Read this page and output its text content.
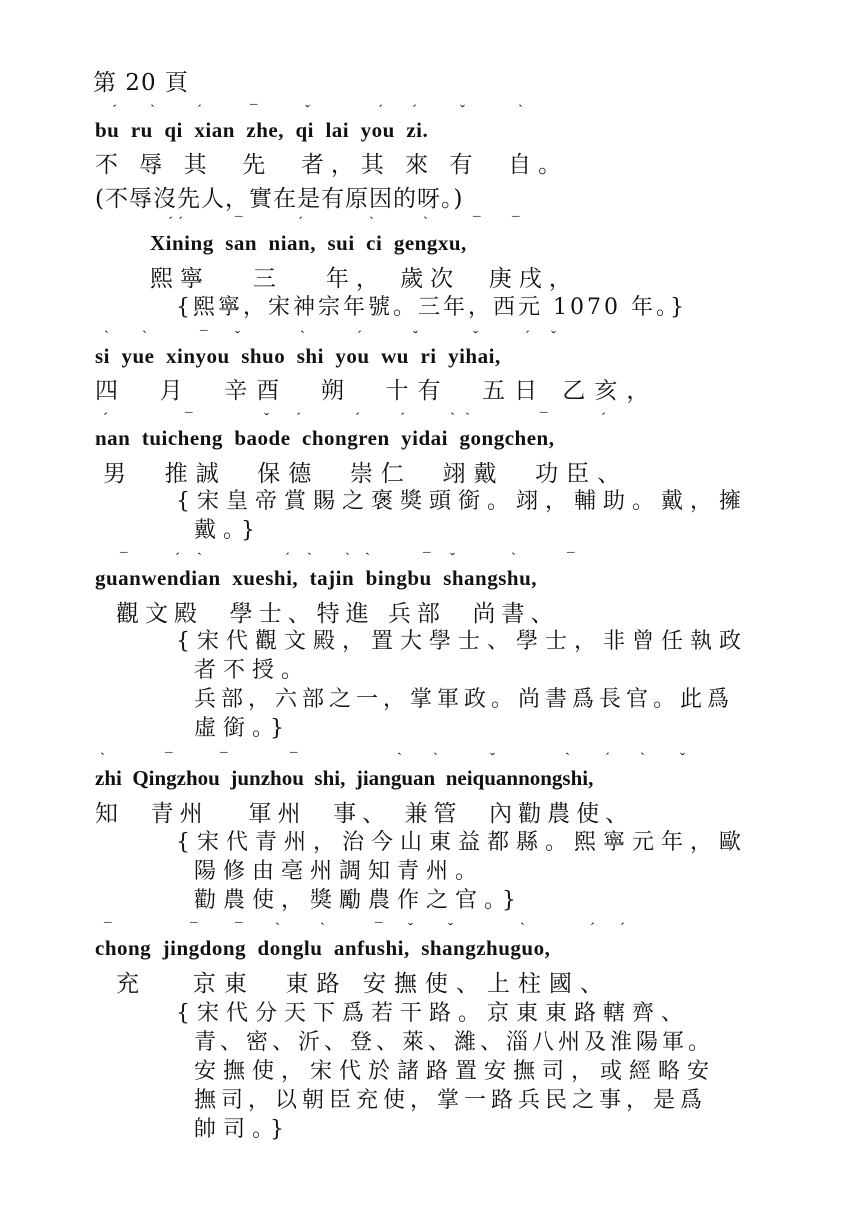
第 20 頁
bu  ru  qi  xian  zhe,  qi  lai  you  zi.
不 辱 其  先  者，其 來 有  自。
(不辱沒先人，實在是有原因的呀。)
Xining  san  nian,  sui  ci  gengxu,
熙寧   三   年， 歲次  庚戌，
{熙寧，宋神宗年號。三年，西元 1070 年。}
si  yue  xinyou  shuo  shi  you  wu  ri  yihai,
四  月  辛酉  朔  十有  五日 乙亥，
nan  tuicheng  baode  chongren  yidai  gongchen,
男  推誠  保德  崇仁  翊戴  功臣、
{宋皇帝賞賜之褒獎頭銜。翊，輔助。戴，擁
戴。}
guanwendian  xueshi,  tajin  bingbu  shangshu,
觀文殿  學士、特進 兵部  尚書、
{宋代觀文殿，置大學士、學士，非曾任執政
者不授。
兵部，六部之一，掌軍政。尚書爲長官。此爲
虛銜。}
zhi  Qingzhou  junzhou  shi,  jianguan  neiquannongshi,
知  青州   軍州  事、 兼管  內勸農使、
{宋代青州，治今山東益都縣。熙寧元年，歐
陽修由亳州調知青州。
勸農使，獎勵農作之官。}
chong  jingdong  donglu  anfushi,  shangzhuguo,
充   京東  東路 安撫使、上柱國、
{宋代分天下爲若干路。京東東路轄齊、
青、密、沂、登、萊、濰、淄八州及淮陽軍。
安撫使，宋代於諸路置安撫司，或經略安
撫司，以朝臣充使，掌一路兵民之事，是爲
帥司。}
ˊ ˋ	ˊ	¯	ˇ	ˊ ˊ	ˇ	ˋ
ˊ ˊ	¯	ˊ	ˋ	ˋ	¯ ¯
ˋ ˋ	¯ ˇ	ˋ	ˊ	ˇ	ˇ	ˊ ˇ
ˊ	¯	ˇ ˊ	ˊ	ˊ	ˋ ˋ	¯	ˊ
¯	ˊ ˋ	ˊ ˋ ˋ ˋ	¯ ˇ	ˋ	¯
ˋ	¯	¯	¯	ˋ ˋ	ˇ	ˋ ˊ ˋ ˇ
¯	¯	¯ ˋ	ˋ	¯ ˇ ˇ	ˋ	ˊ ˊ
